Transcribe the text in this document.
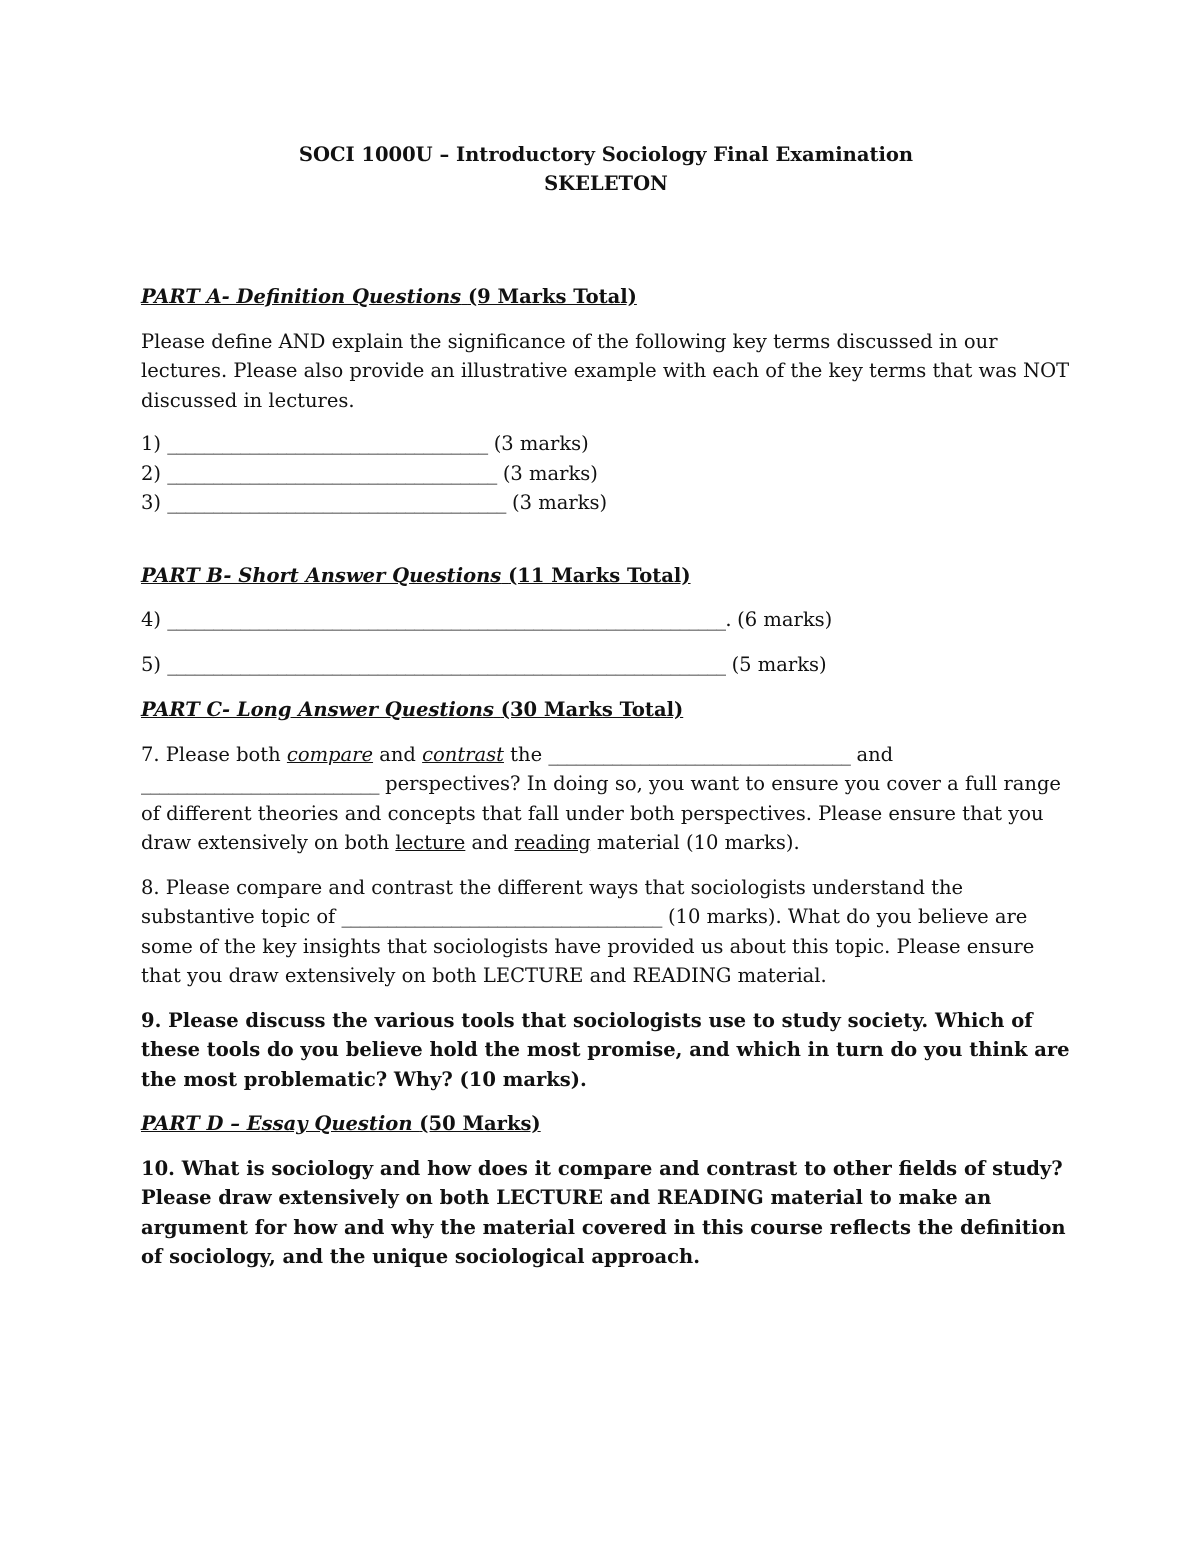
SOCI 1000U – Introductory Sociology Final Examination

SKELETON

PART A- Definition Questions (9 Marks Total)

Please define AND explain the significance of the following key terms discussed in our lectures. Please also provide an illustrative example with each of the key terms that was NOT discussed in lectures.

1) ___________________________________ (3 marks)

2) ____________________________________ (3 marks)

3) _____________________________________ (3 marks)

PART B- Short Answer Questions (11 Marks Total)

4) _____________________________________________________________. (6 marks)

5) _____________________________________________________________ (5 marks)

PART C- Long Answer Questions (30 Marks Total)

7. Please both compare and contrast the _________________________________ and __________________________ perspectives? In doing so, you want to ensure you cover a full range of different theories and concepts that fall under both perspectives. Please ensure that you draw extensively on both lecture and reading material (10 marks).

8. Please compare and contrast the different ways that sociologists understand the substantive topic of ___________________________________ (10 marks). What do you believe are some of the key insights that sociologists have provided us about this topic. Please ensure that you draw extensively on both LECTURE and READING material.

9. Please discuss the various tools that sociologists use to study society. Which of these tools do you believe hold the most promise, and which in turn do you think are the most problematic? Why? (10 marks).

PART D – Essay Question (50 Marks)

10. What is sociology and how does it compare and contrast to other fields of study? Please draw extensively on both LECTURE and READING material to make an argument for how and why the material covered in this course reflects the definition of sociology, and the unique sociological approach.
